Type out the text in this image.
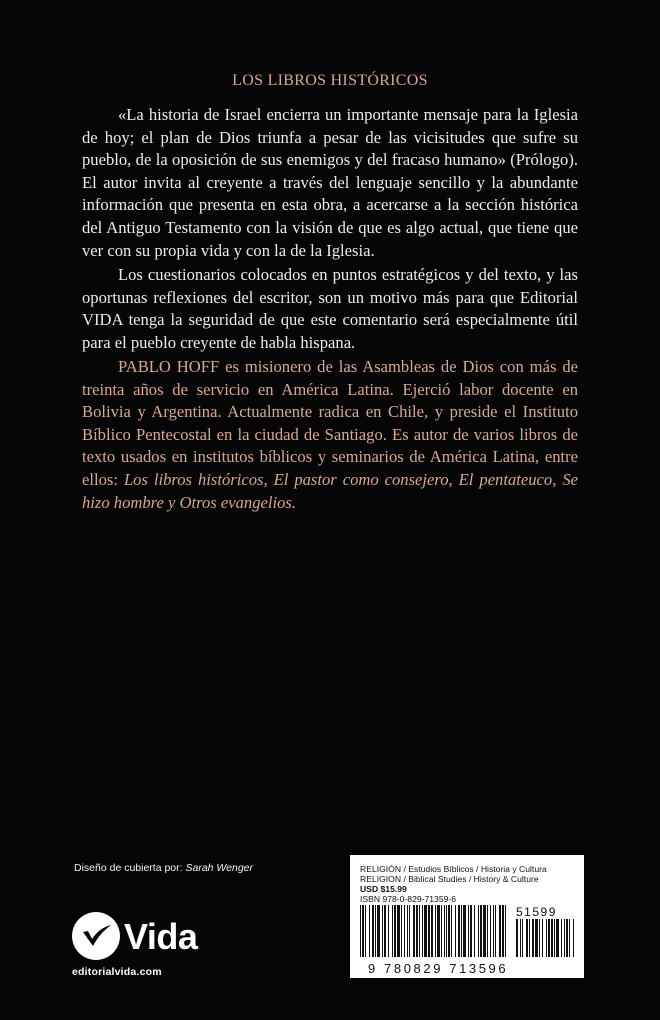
LOS LIBROS HISTÓRICOS

«La historia de Israel encierra un importante mensaje para la Iglesia de hoy; el plan de Dios triunfa a pesar de las vicisitudes que sufre su pueblo, de la oposición de sus enemigos y del fracaso humano» (Prólogo). El autor invita al creyente a través del lenguaje sencillo y la abundante información que presenta en esta obra, a acercarse a la sección histórica del Antiguo Testamento con la visión de que es algo actual, que tiene que ver con su propia vida y con la de la Iglesia.

Los cuestionarios colocados en puntos estratégicos y del texto, y las oportunas reflexiones del escritor, son un motivo más para que Editorial VIDA tenga la seguridad de que este comentario será especialmente útil para el pueblo creyente de habla hispana.

PABLO HOFF es misionero de las Asambleas de Dios con más de treinta años de servicio en América Latina. Ejerció labor docente en Bolivia y Argentina. Actualmente radica en Chile, y preside el Instituto Bíblico Pentecostal en la ciudad de Santiago. Es autor de varios libros de texto usados en institutos bíblicos y seminarios de América Latina, entre ellos: Los libros históricos, El pastor como consejero, El pentateuco, Se hizo hombre y Otros evangelios.

Diseño de cubierta por: Sarah Wenger
Vida
editorialvida.com
RELIGIÓN / Estudios Bíblicos / Historia y Cultura
RELIGION / Biblical Studies / History & Culture
USD $15.99
ISBN 978-0-829-71359-6
51599
9 780829 713596
